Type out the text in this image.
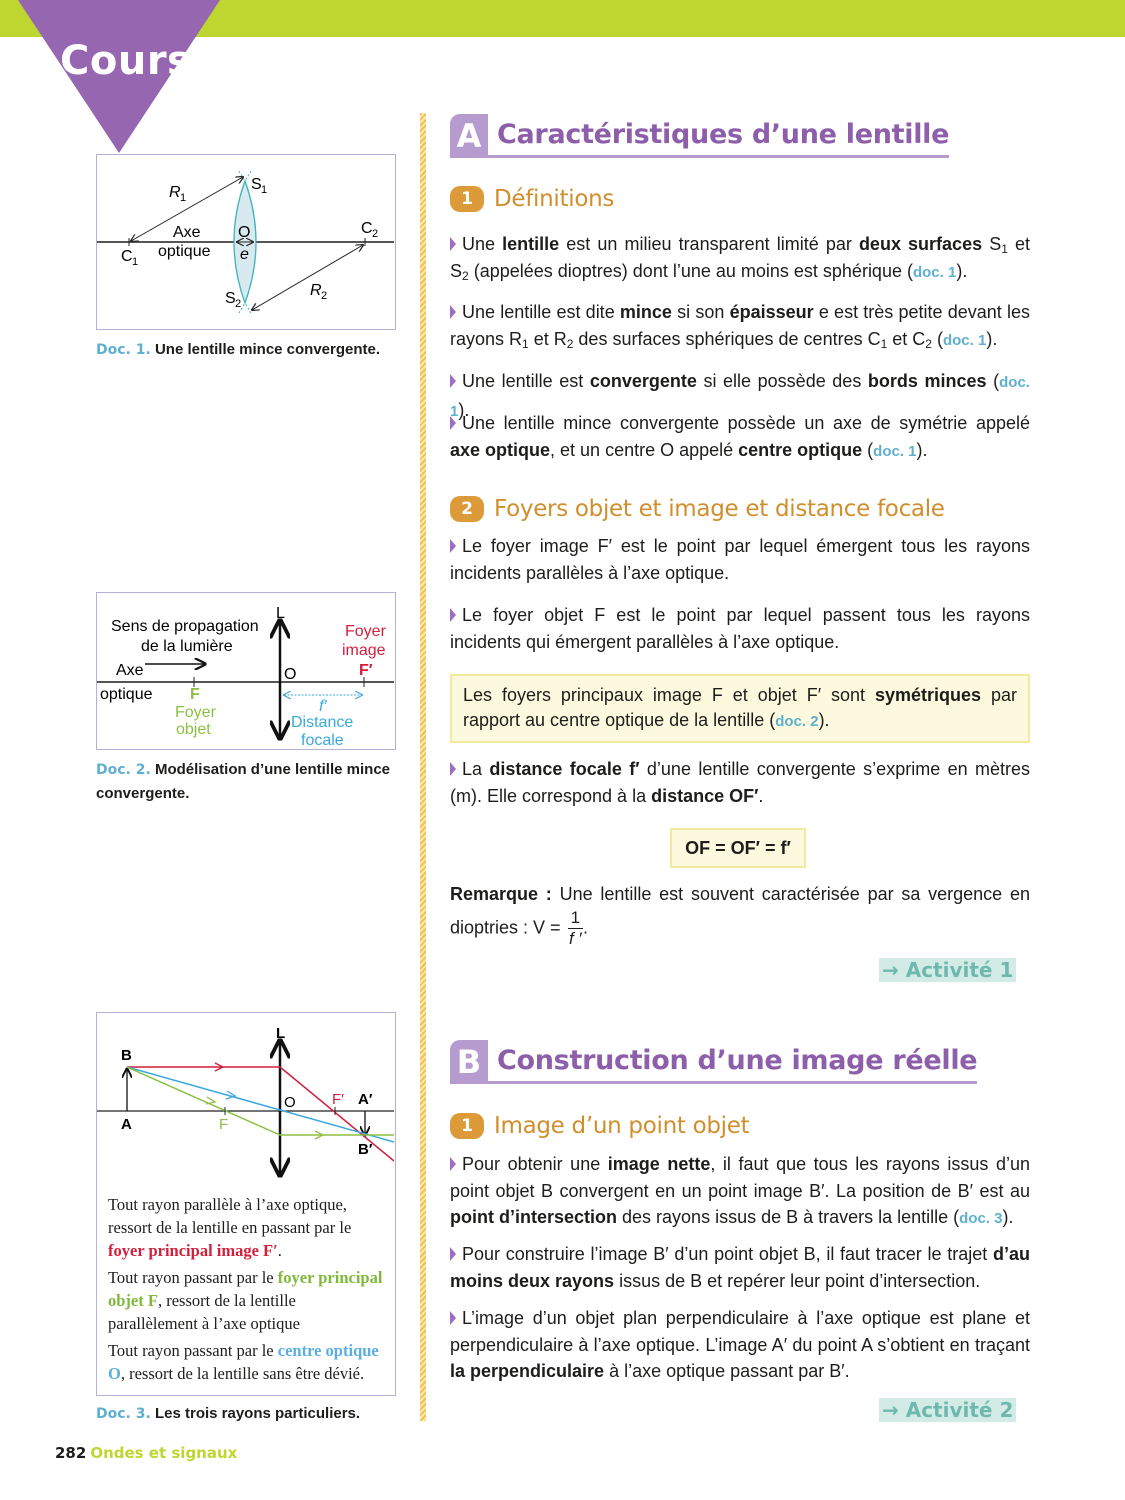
Cours
R 1
R 2
S 1
S 2
C 1
C 2
O
e
Axe
optique
Doc. 1. Une lentille mince convergente.
Sens de propagation
de la lumière
Axe
optique
L
O
F
Foyer
objet
Foyer
image
F′
f′
Distance
focale
Doc. 2. Modélisation d’une lentille mince convergente.
L
B
A	F
O F′ A′
B′

Tout rayon parallèle à l’axe optique, ressort de la lentille en passant par le foyer principal image F′.

Tout rayon passant par le foyer principal objet F, ressort de la lentille parallèlement à l’axe optique

Tout rayon passant par le centre optique O, ressort de la lentille sans être dévié.

Doc. 3. Les trois rayons particuliers.
A Caractéristiques d’une lentille
1 Définitions
Une lentille est un milieu transparent limité par deux surfaces $S_1$ et $S_2$ (appelées dioptres) dont l’une au moins est sphérique (doc. 1).
Une lentille est dite mince si son épaisseur e est très petite devant les rayons $R_1$ et $R_2$ des surfaces sphériques de centres $C_1$ et $C_2$ (doc. 1).
Une lentille est convergente si elle possède des bords minces (doc. 1).
Une lentille mince convergente possède un axe de symétrie appelé axe optique, et un centre O appelé centre optique (doc. 1).
2 Foyers objet et image et distance focale
Le foyer image F′ est le point par lequel émergent tous les rayons incidents parallèles à l’axe optique.
Le foyer objet F est le point par lequel passent tous les rayons incidents qui émergent parallèles à l’axe optique.
Les foyers principaux image F et objet F′ sont symétriques par rapport au centre optique de la lentille (doc. 2).
La distance focale f′ d’une lentille convergente s’exprime en mètres (m). Elle correspond à la distance OF′.
OF = OF′ = f′
Remarque : Une lentille est souvent caractérisée par sa vergence en dioptries : $V = \frac{1}{f '}$ .
→ Activité 1
B Construction d’une image réelle
1 Image d’un point objet
Pour obtenir une image nette, il faut que tous les rayons issus d’un point objet B convergent en un point image B′. La position de B′ est au point d’intersection des rayons issus de B à travers la lentille (doc. 3).
Pour construire l’image B′ d’un point objet B, il faut tracer le trajet d’au moins deux rayons issus de B et repérer leur point d’intersection.
L’image d’un objet plan perpendiculaire à l’axe optique est plane et perpendiculaire à l’axe optique. L’image A′ du point A s’obtient en traçant la perpendiculaire à l’axe optique passant par B′.
→ Activité 2
282 Ondes et signaux
